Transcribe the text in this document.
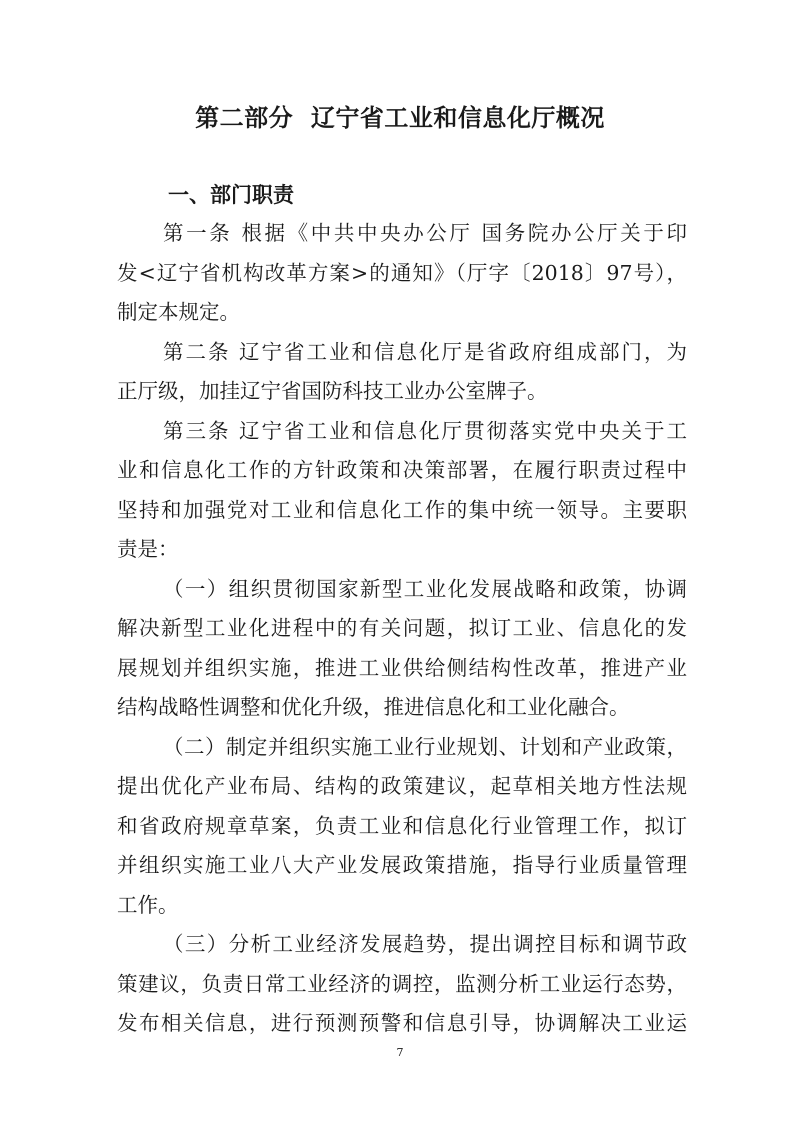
第二部分  辽宁省工业和信息化厅概况
一、部门职责
第一条 根据《中共中央办公厅 国务院办公厅关于印
发<辽宁省机构改革方案>的通知》（厅字〔2018〕97号），
制定本规定。
第二条 辽宁省工业和信息化厅是省政府组成部门，为
正厅级，加挂辽宁省国防科技工业办公室牌子。
第三条 辽宁省工业和信息化厅贯彻落实党中央关于工
业和信息化工作的方针政策和决策部署，在履行职责过程中
坚持和加强党对工业和信息化工作的集中统一领导。主要职
责是：
（一）组织贯彻国家新型工业化发展战略和政策，协调
解决新型工业化进程中的有关问题，拟订工业、信息化的发
展规划并组织实施，推进工业供给侧结构性改革，推进产业
结构战略性调整和优化升级，推进信息化和工业化融合。
（二）制定并组织实施工业行业规划、计划和产业政策，
提出优化产业布局、结构的政策建议，起草相关地方性法规
和省政府规章草案，负责工业和信息化行业管理工作，拟订
并组织实施工业八大产业发展政策措施，指导行业质量管理
工作。
（三）分析工业经济发展趋势，提出调控目标和调节政
策建议，负责日常工业经济的调控，监测分析工业运行态势，
发布相关信息，进行预测预警和信息引导，协调解决工业运
7
